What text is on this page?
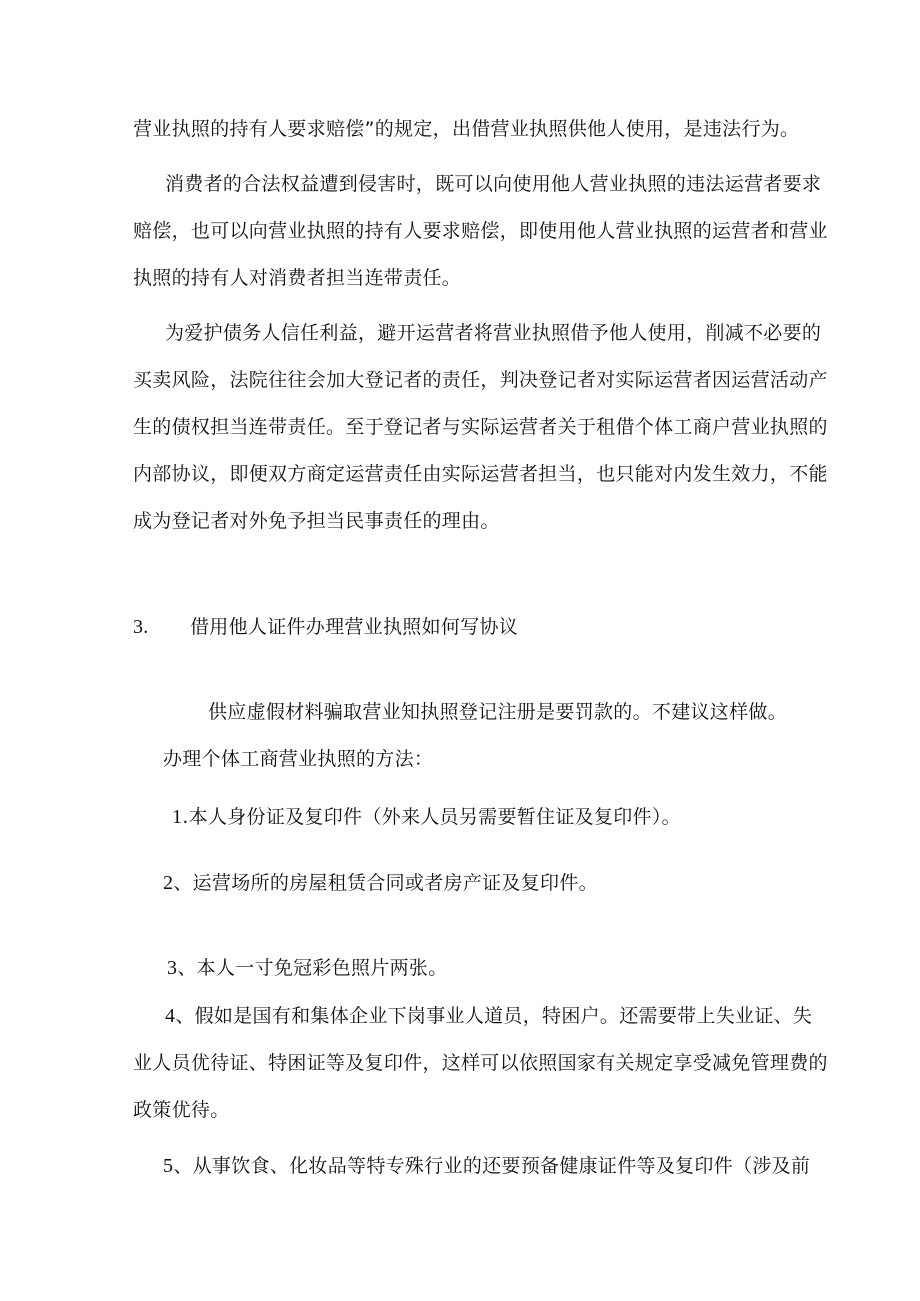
营业执照的持有人要求赔偿”的规定，出借营业执照供他人使用，是违法行为。
消费者的合法权益遭到侵害时，既可以向使用他人营业执照的违法运营者要求
赔偿，也可以向营业执照的持有人要求赔偿，即使用他人营业执照的运营者和营业
执照的持有人对消费者担当连带责任。
为爱护债务人信任利益，避开运营者将营业执照借予他人使用，削减不必要的
买卖风险，法院往往会加大登记者的责任，判决登记者对实际运营者因运营活动产
生的债权担当连带责任。至于登记者与实际运营者关于租借个体工商户营业执照的
内部协议，即便双方商定运营责任由实际运营者担当，也只能对内发生效力，不能
成为登记者对外免予担当民事责任的理由。
3. 借用他人证件办理营业执照如何写协议
供应虚假材料骗取营业知执照登记注册是要罚款的。不建议这样做。
办理个体工商营业执照的方法：
1.本人身份证及复印件（外来人员另需要暂住证及复印件）。
2、运营场所的房屋租赁合同或者房产证及复印件。
3、本人一寸免冠彩色照片两张。
4、假如是国有和集体企业下岗事业人道员，特困户。还需要带上失业证、失
业人员优待证、特困证等及复印件，这样可以依照国家有关规定享受减免管理费的
政策优待。
5、从事饮食、化妆品等特专殊行业的还要预备健康证件等及复印件（涉及前
